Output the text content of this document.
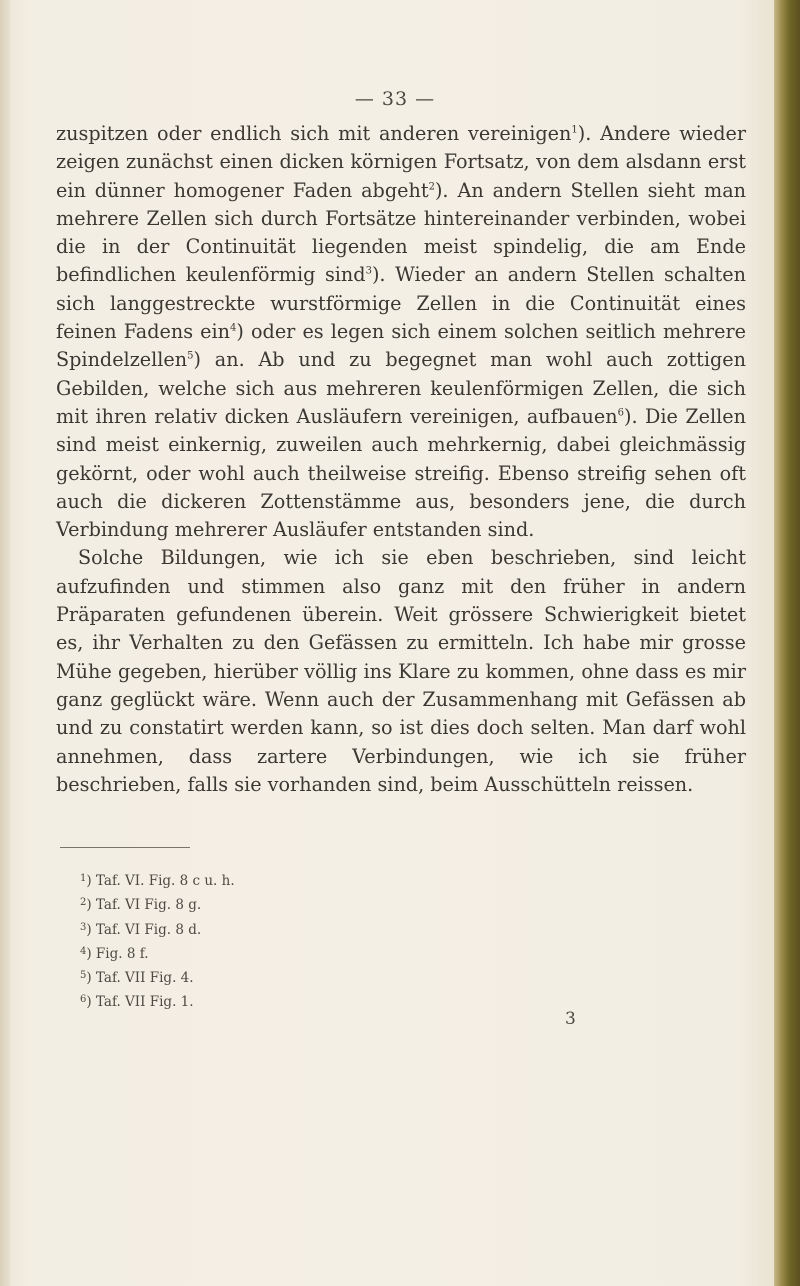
— 33 —

zuspitzen oder endlich sich mit anderen vereinigen$^1$). Andere wieder zeigen zunächst einen dicken körnigen Fortsatz, von dem alsdann erst ein dünner homogener Faden abgeht$^2$). An andern Stellen sieht man mehrere Zellen sich durch Fortsätze hintereinander verbinden, wobei die in der Continuität liegenden meist spindelig, die am Ende befindlichen keulenförmig sind$^3$). Wieder an andern Stellen schalten sich langgestreckte wurstförmige Zellen in die Continuität eines feinen Fadens ein$^4$) oder es legen sich einem solchen seitlich mehrere Spindelzellen$^5$) an. Ab und zu begegnet man wohl auch zottigen Gebilden, welche sich aus mehreren keulenförmigen Zellen, die sich mit ihren relativ dicken Ausläufern vereinigen, aufbauen$^6$). Die Zellen sind meist einkernig, zuweilen auch mehrkernig, dabei gleichmässig gekörnt, oder wohl auch theilweise streifig. Ebenso streifig sehen oft auch die dickeren Zottenstämme aus, besonders jene, die durch Verbindung mehrerer Ausläufer entstanden sind.

Solche Bildungen, wie ich sie eben beschrieben, sind leicht aufzufinden und stimmen also ganz mit den früher in andern Präparaten gefundenen überein. Weit grössere Schwierigkeit bietet es, ihr Verhalten zu den Gefässen zu ermitteln. Ich habe mir grosse Mühe gegeben, hierüber völlig ins Klare zu kommen, ohne dass es mir ganz geglückt wäre. Wenn auch der Zusammenhang mit Gefässen ab und zu constatirt werden kann, so ist dies doch selten. Man darf wohl annehmen, dass zartere Verbindungen, wie ich sie früher beschrieben, falls sie vorhanden sind, beim Ausschütteln reissen.

$^1$) Taf. VI. Fig. 8 c u. h.
$^2$) Taf. VI Fig. 8 g.
$^3$) Taf. VI Fig. 8 d.
$^4$) Fig. 8 f.
$^5$) Taf. VII Fig. 4.
$^6$) Taf. VII Fig. 1.
3
